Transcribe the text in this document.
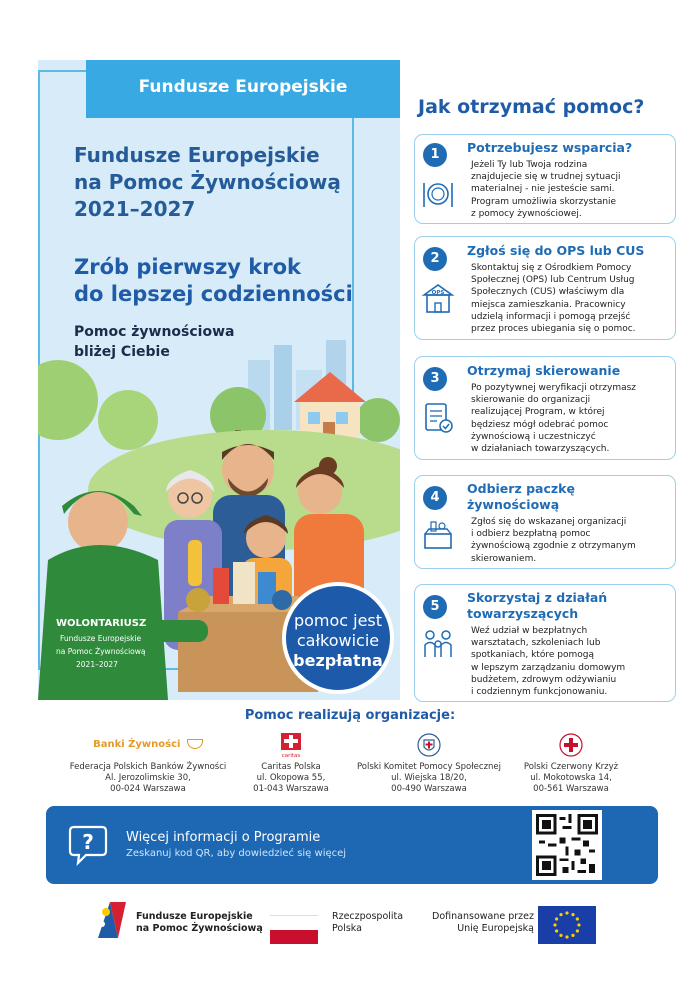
Fundusze Europejskie
Fundusze Europejskie
na Pomoc Żywnościową
2021–2027
Zrób pierwszy krok
do lepszej codzienności
Pomoc żywnościowa
bliżej Ciebie
WOLONTARIUSZ
Fundusze Europejskie
na Pomoc Żywnościową
2021–2027
pomoc jest
całkowicie
bezpłatna
Jak otrzymać pomoc?
1	Potrzebujesz wsparcia?
Jeżeli Ty lub Twoja rodzina
znajdujecie się w trudnej sytuacji
materialnej - nie jesteście sami.
Program umożliwia skorzystanie
z pomocy żywnościowej.
2
OPS
Zgłoś się do OPS lub CUS
Skontaktuj się z Ośrodkiem Pomocy
Społecznej (OPS) lub Centrum Usług
Społecznych (CUS) właściwym dla
miejsca zamieszkania. Pracownicy
udzielą informacji i pomogą przejść
przez proces ubiegania się o pomoc.
3
Otrzymaj skierowanie
Po pozytywnej weryfikacji otrzymasz
skierowanie do organizacji
realizującej Program, w której
będziesz mógł odebrać pomoc
żywnościową i uczestniczyć
w działaniach towarzyszących.
4
Odbierz paczkę
żywnościową
Zgłoś się do wskazanej organizacji
i odbierz bezpłatną pomoc
żywnościową zgodnie z otrzymanym
skierowaniem.
5
Skorzystaj z działań
towarzyszących
Weź udział w bezpłatnych
warsztatach, szkoleniach lub
spotkaniach, które pomogą
w lepszym zarządzaniu domowym
budżetem, zdrowym odżywianiu
i codziennym funkcjonowaniu.
Pomoc realizują organizacje:
Banki Żywności
Federacja Polskich Banków Żywności
Al. Jerozolimskie 30,
00-024 Warszawa
caritas
Caritas Polska
ul. Okopowa 55,
01-043 Warszawa
Polski Komitet Pomocy Społecznej
ul. Wiejska 18/20,
00-490 Warszawa
Polski Czerwony Krzyż
ul. Mokotowska 14,
00-561 Warszawa
? Więcej informacji o Programie
Zeskanuj kod QR, aby dowiedzieć się więcej
Fundusze Europejskie
na Pomoc Żywnościową
Rzeczpospolita
Polska
Dofinansowane przez
Unię Europejską
